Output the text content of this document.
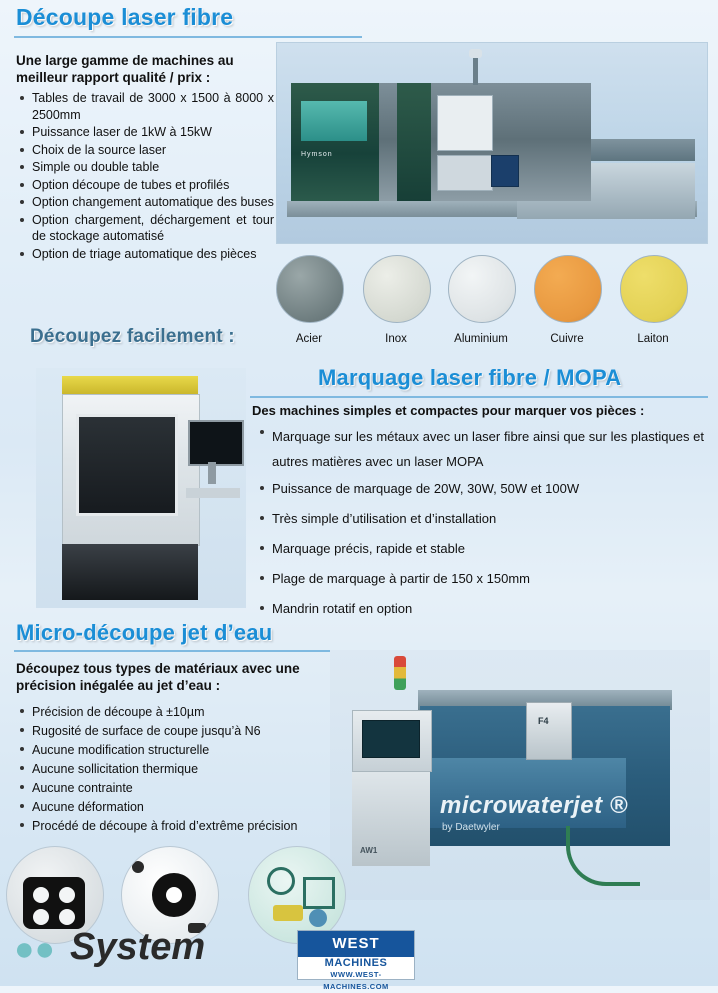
Découpe laser fibre
Une large gamme de machines au meilleur rapport qualité / prix :
Tables de travail de 3000 x 1500 à 8000 x 2500mm
Puissance laser de 1kW à 15kW
Choix de la source laser
Simple ou double table
Option découpe de tubes et profilés
Option changement automatique des buses
Option chargement, déchargement et tour de stockage automatisé
Option de triage automatique des pièces
Hymson
Découpez facilement :	Acier	Inox	Aluminium	Cuivre	Laiton
Marquage laser fibre / MOPA
Des machines simples et compactes pour marquer vos pièces :
Marquage sur les métaux avec un laser fibre ainsi que sur les plastiques et autres matières avec un laser MOPA
Puissance de marquage de 20W, 30W, 50W et 100W
Très simple d’utilisation et d’installation
Marquage précis, rapide et stable
Plage de marquage à partir de 150 x 150mm
Mandrin rotatif en option
Micro-découpe jet d’eau
Découpez tous types de matériaux avec une précision inégalée au jet d’eau :
Précision de découpe à ±10µm
Rugosité de surface de coupe jusqu’à N6
Aucune modification structurelle
Aucune sollicitation thermique
Aucune contrainte
Aucune déformation
Procédé de découpe à froid d’extrême précision
F4
AW1
microwaterjet ®
by Daetwyler
●● System	WEST
MACHINES
WWW.WEST-MACHINES.COM
